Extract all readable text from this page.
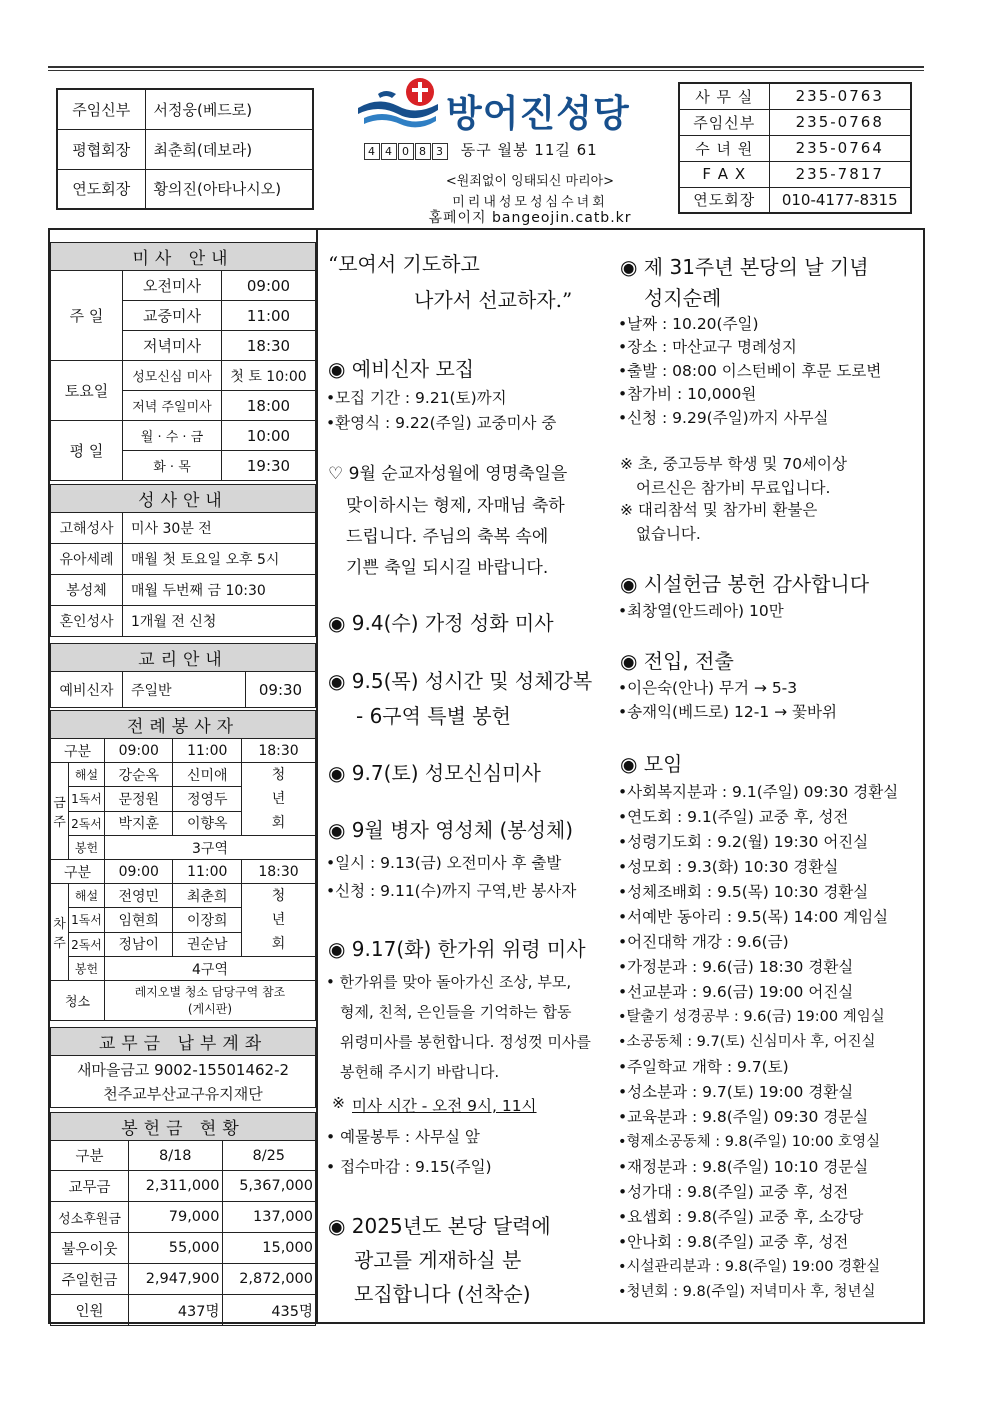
주임신부	서정웅(베드로)
평협회장	최춘희(데보라)
연도회장	황의진(아타나시오)
방어진성당
4 4 0 8 3 동구 월봉 11길 61
<원죄없이 잉태되신 마리아>
미리내성모성심수녀회
홈페이지 bangeojin.catb.kr
사 무 실	235-0763
주임신부	235-0768
수 녀 원	235-0764
F A X	235-7817
연도회장	010-4177-8315
미사 안내		
주 일	오전미사	09:00
	교중미사	11:00
	저녁미사	18:30
토요일	성모신심 미사	첫 토 10:00
	저녁 주일미사	18:00
평 일	월 · 수 · 금	10:00
	화 · 목	19:30
성사안내	
고해성사	미사 30분 전
유아세례	매월 첫 토요일 오후 5시
봉성체	매월 두번째 금 10:30
혼인성사	1개월 전 신청
교리안내
예비신자	주일반	09:30
전례봉사자				
구분		09:00	11:00	18:30
금주	해설	강순옥	신미애	청년회
	1독서	문정원	정영두	
	2독서	박지훈	이향옥	
	봉헌	3구역		
구분		09:00	11:00	18:30
차주	해설	전영민	최춘희	청년회
	1독서	임현희	이장희	
	2독서	정남이	권순남	
	봉헌	4구역		
청소		레지오별 청소 담당구역 참조 (게시판)		
교무금 납부계좌

새마을금고 9002-15501462-2
천주교부산교구유지재단
봉헌금 현황		
구분	8/18	8/25
교무금	2,311,000	5,367,000
성소후원금	79,000	137,000
불우이웃	55,000	15,000
주일헌금	2,947,900	2,872,000
인원	437명	435명
“모여서 기도하고
나가서 선교하자.”
◉ 예비신자 모집
•모집 기간 : 9.21(토)까지
•환영식 : 9.22(주일) 교중미사 중
♡ 9월 순교자성월에 영명축일을
맞이하시는 형제, 자매님 축하
드립니다. 주님의 축복 속에
기쁜 축일 되시길 바랍니다.
◉ 9.4(수) 가정 성화 미사
◉ 9.5(목) 성시간 및 성체강복
- 6구역 특별 봉헌
◉ 9.7(토) 성모신심미사
◉ 9월 병자 영성체 (봉성체)
•일시 : 9.13(금) 오전미사 후 출발
•신청 : 9.11(수)까지 구역,반 봉사자
◉ 9.17(화) 한가위 위령 미사
• 한가위를 맞아 돌아가신 조상, 부모,
형제, 친척, 은인들을 기억하는 합동
위령미사를 봉헌합니다. 정성껏 미사를
봉헌해 주시기 바랍니다.
※ 미사 시간 - 오전 9시, 11시
• 예물봉투 : 사무실 앞
• 접수마감 : 9.15(주일)
◉ 2025년도 본당 달력에
광고를 게재하실 분
모집합니다 (선착순)
◉ 제 31주년 본당의 날 기념
성지순례
•날짜 : 10.20(주일)
•장소 : 마산교구 명례성지
•출발 : 08:00 이스턴베이 후문 도로변
•참가비 : 10,000원
•신청 : 9.29(주일)까지 사무실
※ 초, 중고등부 학생 및 70세이상
어르신은 참가비 무료입니다.
※ 대리참석 및 참가비 환불은
없습니다.
◉ 시설헌금 봉헌 감사합니다
•최창열(안드레아) 10만
◉ 전입, 전출
•이은숙(안나) 무거 → 5-3
•송재익(베드로) 12-1 → 꽃바위
◉ 모임
•사회복지분과 : 9.1(주일) 09:30 경환실
•연도회 : 9.1(주일) 교중 후, 성전
•성령기도회 : 9.2(월) 19:30 어진실
•성모회 : 9.3(화) 10:30 경환실
•성체조배회 : 9.5(목) 10:30 경환실
•서예반 동아리 : 9.5(목) 14:00 계임실
•어진대학 개강 : 9.6(금)
•가정분과 : 9.6(금) 18:30 경환실
•선교분과 : 9.6(금) 19:00 어진실
•탈출기 성경공부 : 9.6(금) 19:00 계임실
•소공동체 : 9.7(토) 신심미사 후, 어진실
•주일학교 개학 : 9.7(토)
•성소분과 : 9.7(토) 19:00 경환실
•교육분과 : 9.8(주일) 09:30 경문실
•형제소공동체 : 9.8(주일) 10:00 호영실
•재정분과 : 9.8(주일) 10:10 경문실
•성가대 : 9.8(주일) 교중 후, 성전
•요셉회 : 9.8(주일) 교중 후, 소강당
•안나회 : 9.8(주일) 교중 후, 성전
•시설관리분과 : 9.8(주일) 19:00 경환실
•청년회 : 9.8(주일) 저녁미사 후, 청년실
